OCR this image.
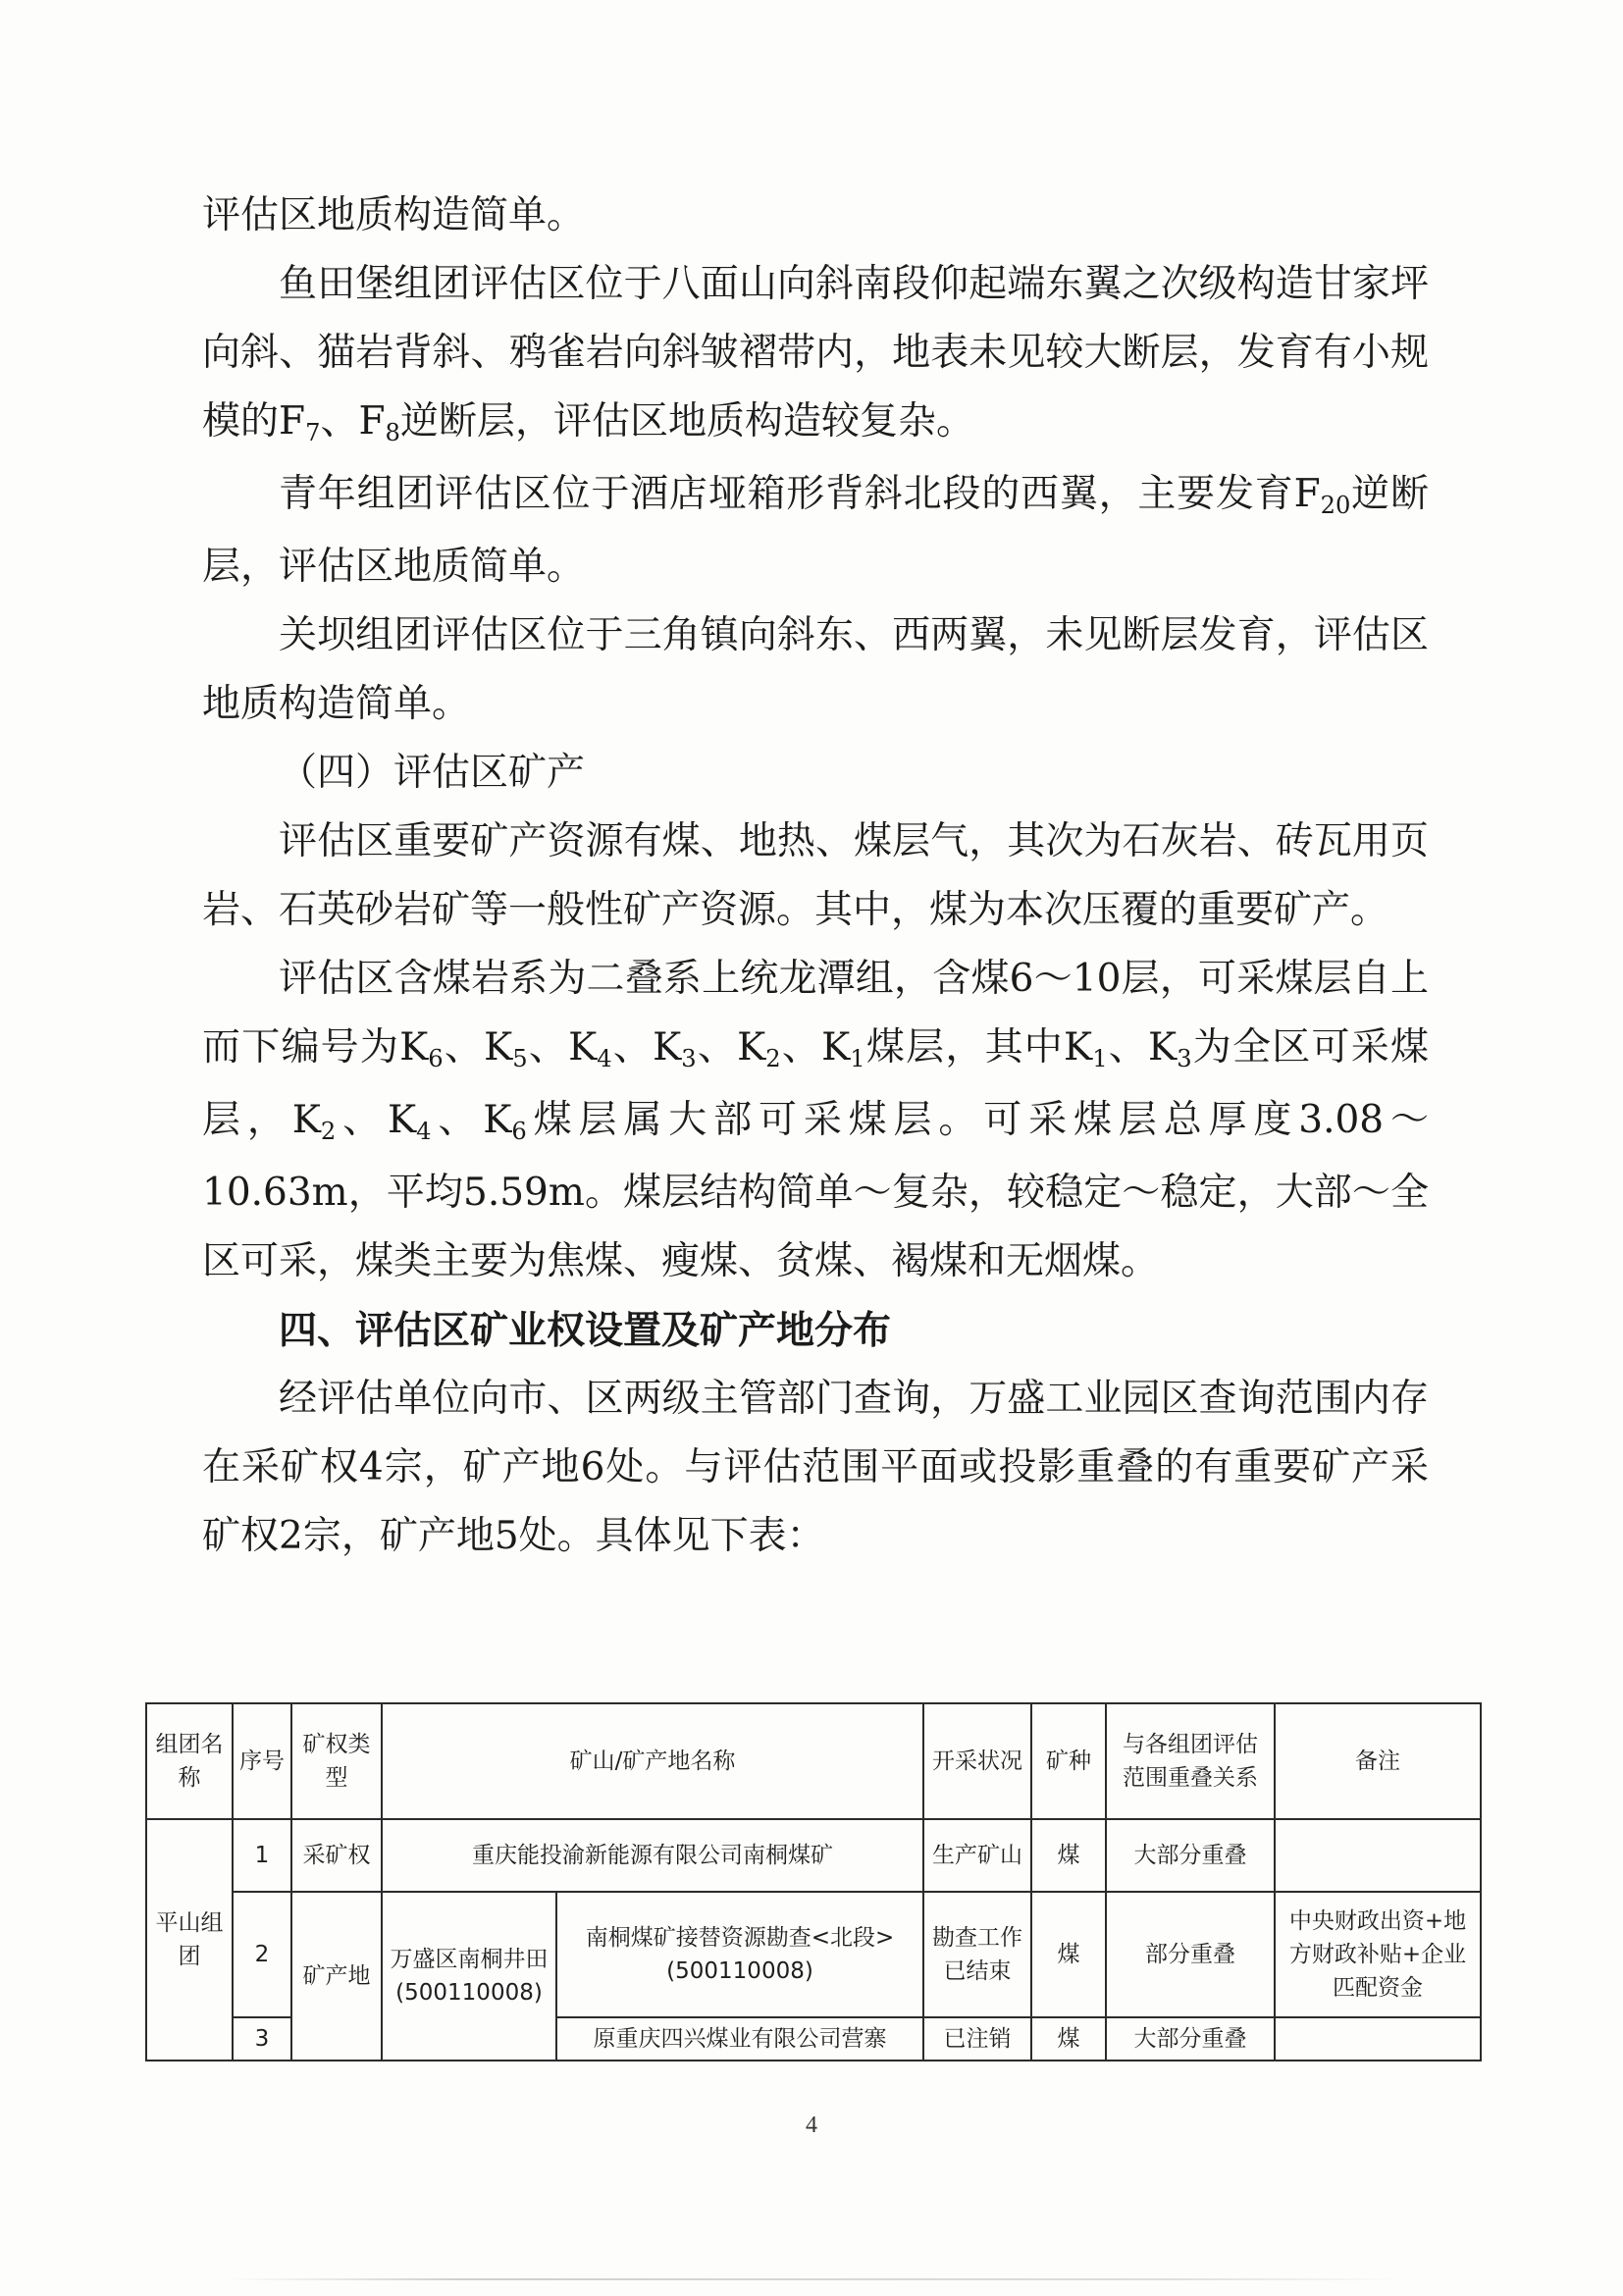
评估区地质构造简单。

鱼田堡组团评估区位于八面山向斜南段仰起端东翼之次级构造甘家坪向斜、猫岩背斜、鸦雀岩向斜皱褶带内，地表未见较大断层，发育有小规模的$F_7$、$F_8$逆断层，评估区地质构造较复杂。

青年组团评估区位于酒店垭箱形背斜北段的西翼，主要发育$F_{20}$逆断层，评估区地质简单。

关坝组团评估区位于三角镇向斜东、西两翼，未见断层发育，评估区地质构造简单。

（四）评估区矿产

评估区重要矿产资源有煤、地热、煤层气，其次为石灰岩、砖瓦用页岩、石英砂岩矿等一般性矿产资源。其中，煤为本次压覆的重要矿产。

评估区含煤岩系为二叠系上统龙潭组，含煤6～10层，可采煤层自上而下编号为$K_6$、$K_5$、$K_4$、$K_3$、$K_2$、$K_1$煤层，其中$K_1$、$K_3$为全区可采煤层，$K_2$、$K_4$、$K_6$煤层属大部可采煤层。可采煤层总厚度3.08～10.63m，平均5.59m。煤层结构简单～复杂，较稳定～稳定，大部～全区可采，煤类主要为焦煤、瘦煤、贫煤、褐煤和无烟煤。

四、评估区矿业权设置及矿产地分布

经评估单位向市、区两级主管部门查询，万盛工业园区查询范围内存在采矿权4宗，矿产地6处。与评估范围平面或投影重叠的有重要矿产采矿权2宗，矿产地5处。具体见下表：

组团名称	序号	矿权类型	矿山/矿产地名称		开采状况	矿种	与各组团评估范围重叠关系	备注
平山组团	1	采矿权	重庆能投渝新能源有限公司南桐煤矿		生产矿山	煤	大部分重叠	
	2	矿产地	万盛区南桐井田(500110008)	南桐煤矿接替资源勘查<北段>(500110008)	勘查工作已结束	煤	部分重叠	中央财政出资+地方财政补贴+企业匹配资金
	3			原重庆四兴煤业有限公司营寨	已注销	煤	大部分重叠	
4
